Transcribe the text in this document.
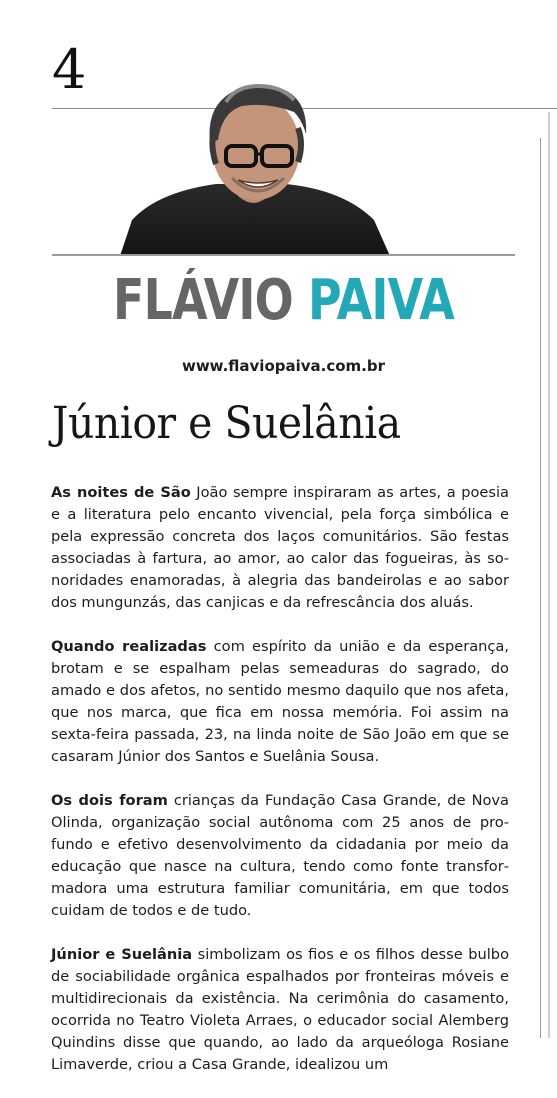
4
FLÁVIO PAIVA
www.flaviopaiva.com.br
Júnior e Suelânia

As noites de São João sempre inspiraram as artes, a poesia e a literatura pelo encanto vivencial, pela força simbólica e pela expressão concreta dos laços comunitários. São festas associadas à fartura, ao amor, ao calor das fogueiras, às sonoridades enamoradas, à alegria das bandeirolas e ao sabor dos mungunzás, das canjicas e da refrescância dos aluás.

Quando realizadas com espírito da união e da esperança, brotam e se espalham pelas semeaduras do sagrado, do amado e dos afetos, no sentido mesmo daquilo que nos afeta, que nos marca, que fica em nossa memória. Foi assim na sexta-feira passada, 23, na linda noite de São João em que se casaram Júnior dos Santos e Suelânia Sousa.

Os dois foram crianças da Fundação Casa Grande, de Nova Olinda, organização social autônoma com 25 anos de profundo e efetivo desenvolvimento da cidadania por meio da educação que nasce na cultura, tendo como fonte transformadora uma estrutura familiar comunitária, em que todos cuidam de todos e de tudo.

Júnior e Suelânia simbolizam os fios e os filhos desse bulbo de sociabilidade orgânica espalhados por fronteiras móveis e multidirecionais da existência. Na cerimônia do casamento, ocorrida no Teatro Violeta Arraes, o educador social Alemberg Quindins disse que quando, ao lado da arqueóloga Rosiane Limaverde, criou a Casa Grande, idealizou um
